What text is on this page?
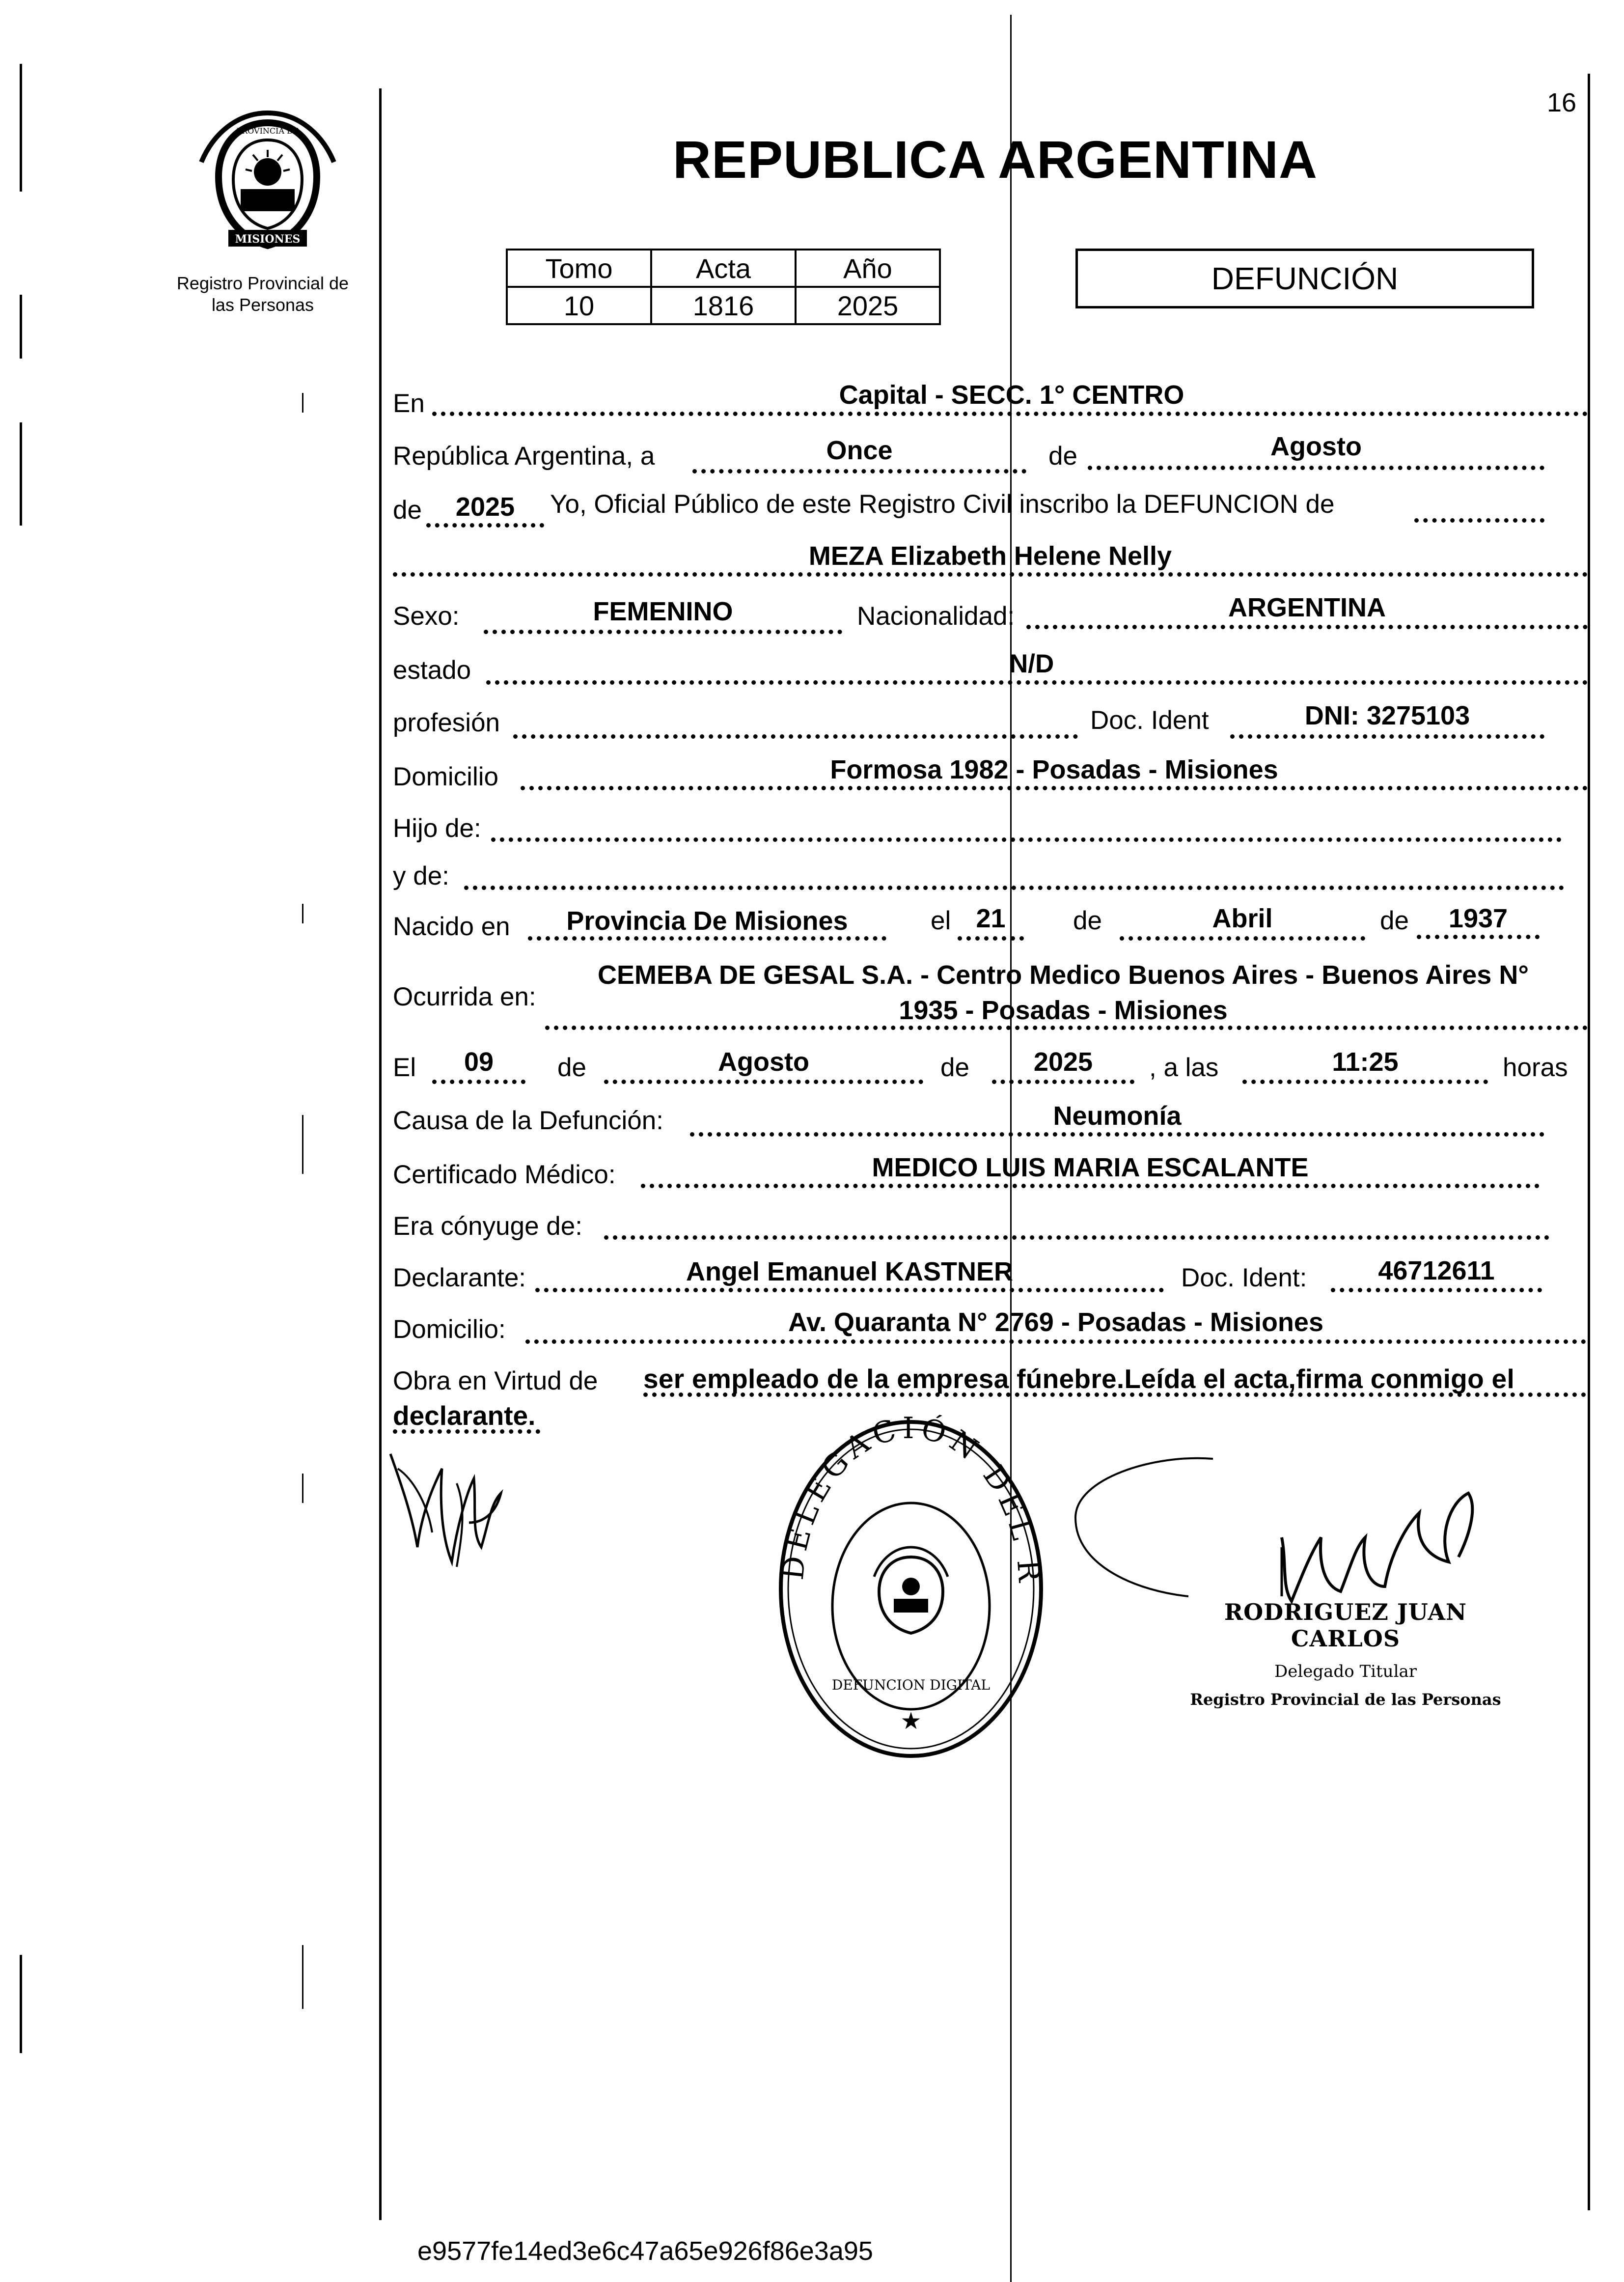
MISIONES
PROVINCIA DE
Registro Provincial de
las Personas
16
REPUBLICA ARGENTINA
Tomo	Acta	Año
10	1816	2025
DEFUNCIÓN
En	Capital - SECC. 1° CENTRO
República Argentina, a	Once	de	Agosto
de	2025	Yo, Oficial Público de este Registro Civil inscribo la DEFUNCION de
MEZA Elizabeth Helene Nelly
Sexo:	FEMENINO	Nacionalidad:	ARGENTINA
estado	N/D
profesión	Doc. Ident	DNI: 3275103
Domicilio	Formosa 1982 - Posadas - Misiones
Hijo de:
y de:
Nacido en	Provincia De Misiones	el 21	de	Abril	de	1937
Ocurrida en:
CEMEBA DE GESAL S.A. - Centro Medico Buenos Aires - Buenos Aires N°
1935 - Posadas - Misiones
El	09	de	Agosto	de	2025	, a las	11:25	horas
Causa de la Defunción:	Neumonía
Certificado Médico:	MEDICO LUIS MARIA ESCALANTE
Era cónyuge de:
Declarante:	Angel Emanuel KASTNER	Doc. Ident:	46712611
Domicilio:	Av. Quaranta N° 2769 - Posadas - Misiones
Obra en Virtud de ser empleado de la empresa fúnebre.Leída el acta,firma conmigo el
declarante.
DELEGACIÓN DEL R
DEFUNCION DIGITAL
★
RODRIGUEZ JUAN CARLOS
Delegado Titular
Registro Provincial de las Personas
e9577fe14ed3e6c47a65e926f86e3a95
